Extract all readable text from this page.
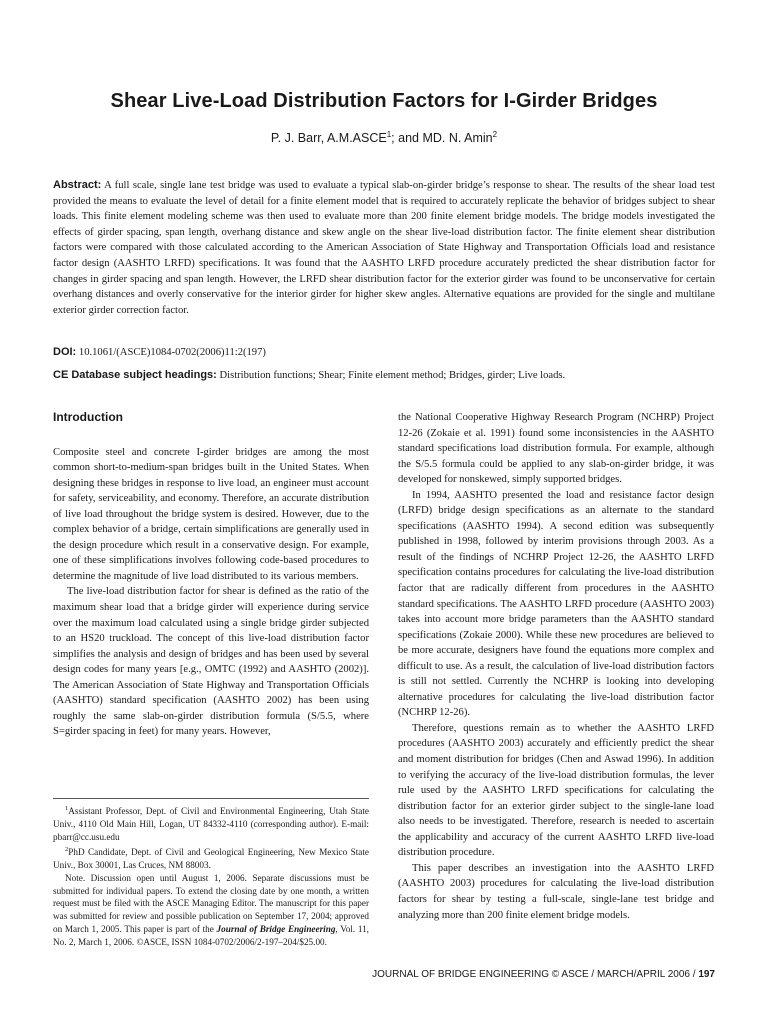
Shear Live-Load Distribution Factors for I-Girder Bridges
P. J. Barr, A.M.ASCE$^1$; and MD. N. Amin$^2$
Abstract: A full scale, single lane test bridge was used to evaluate a typical slab-on-girder bridge’s response to shear. The results of the shear load test provided the means to evaluate the level of detail for a finite element model that is required to accurately replicate the behavior of bridges subject to shear loads. This finite element modeling scheme was then used to evaluate more than 200 finite element bridge models. The bridge models investigated the effects of girder spacing, span length, overhang distance and skew angle on the shear live-load distribution factor. The finite element shear distribution factors were compared with those calculated according to the American Association of State Highway and Transportation Officials load and resistance factor design (AASHTO LRFD) specifications. It was found that the AASHTO LRFD procedure accurately predicted the shear distribution factor for changes in girder spacing and span length. However, the LRFD shear distribution factor for the exterior girder was found to be unconservative for certain overhang distances and overly conservative for the interior girder for higher skew angles. Alternative equations are provided for the single and multilane exterior girder correction factor.
DOI: 10.1061/(ASCE)1084-0702(2006)11:2(197)
CE Database subject headings: Distribution functions; Shear; Finite element method; Bridges, girder; Live loads.
Introduction

Composite steel and concrete I-girder bridges are among the most common short-to-medium-span bridges built in the United States. When designing these bridges in response to live load, an engineer must account for safety, serviceability, and economy. Therefore, an accurate distribution of live load throughout the bridge system is desired. However, due to the complex behavior of a bridge, certain simplifications are generally used in the design procedure which result in a conservative design. For example, one of these simplifications involves following code-based procedures to determine the magnitude of live load distributed to its various members.

The live-load distribution factor for shear is defined as the ratio of the maximum shear load that a bridge girder will experience during service over the maximum load calculated using a single bridge girder subjected to an HS20 truckload. The concept of this live-load distribution factor simplifies the analysis and design of bridges and has been used by several design codes for many years [e.g., OMTC (1992) and AASHTO (2002)]. The American Association of State Highway and Transportation Officials (AASHTO) standard specification (AASHTO 2002) has been using roughly the same slab-on-girder distribution formula (S/5.5, where S=girder spacing in feet) for many years. However,

$^1$Assistant Professor, Dept. of Civil and Environmental Engineering, Utah State Univ., 4110 Old Main Hill, Logan, UT 84332-4110 (corresponding author). E-mail: pbarr@cc.usu.edu

$^2$PhD Candidate, Dept. of Civil and Geological Engineering, New Mexico State Univ., Box 30001, Las Cruces, NM 88003.

Note. Discussion open until August 1, 2006. Separate discussions must be submitted for individual papers. To extend the closing date by one month, a written request must be filed with the ASCE Managing Editor. The manuscript for this paper was submitted for review and possible publication on September 17, 2004; approved on March 1, 2005. This paper is part of the Journal of Bridge Engineering, Vol. 11, No. 2, March 1, 2006. ©ASCE, ISSN 1084-0702/2006/2-197–204/$25.00.

the National Cooperative Highway Research Program (NCHRP) Project 12-26 (Zokaie et al. 1991) found some inconsistencies in the AASHTO standard specifications load distribution formula. For example, although the S/5.5 formula could be applied to any slab-on-girder bridge, it was developed for nonskewed, simply supported bridges.

In 1994, AASHTO presented the load and resistance factor design (LRFD) bridge design specifications as an alternate to the standard specifications (AASHTO 1994). A second edition was subsequently published in 1998, followed by interim provisions through 2003. As a result of the findings of NCHRP Project 12-26, the AASHTO LRFD specification contains procedures for calculating the live-load distribution factor that are radically different from procedures in the AASHTO standard specifications. The AASHTO LRFD procedure (AASHTO 2003) takes into account more bridge parameters than the AASHTO standard specifications (Zokaie 2000). While these new procedures are believed to be more accurate, designers have found the equations more complex and difficult to use. As a result, the calculation of live-load distribution factors is still not settled. Currently the NCHRP is looking into developing alternative procedures for calculating the live-load distribution factor (NCHRP 12-26).

Therefore, questions remain as to whether the AASHTO LRFD procedures (AASHTO 2003) accurately and efficiently predict the shear and moment distribution for bridges (Chen and Aswad 1996). In addition to verifying the accuracy of the live-load distribution formulas, the lever rule used by the AASHTO LRFD specifications for calculating the distribution factor for an exterior girder subject to the single-lane load also needs to be investigated. Therefore, research is needed to ascertain the applicability and accuracy of the current AASHTO LRFD live-load distribution procedure.

This paper describes an investigation into the AASHTO LRFD (AASHTO 2003) procedures for calculating the live-load distribution factors for shear by testing a full-scale, single-lane test bridge and analyzing more than 200 finite element bridge models.

JOURNAL OF BRIDGE ENGINEERING © ASCE / MARCH/APRIL 2006 / 197
